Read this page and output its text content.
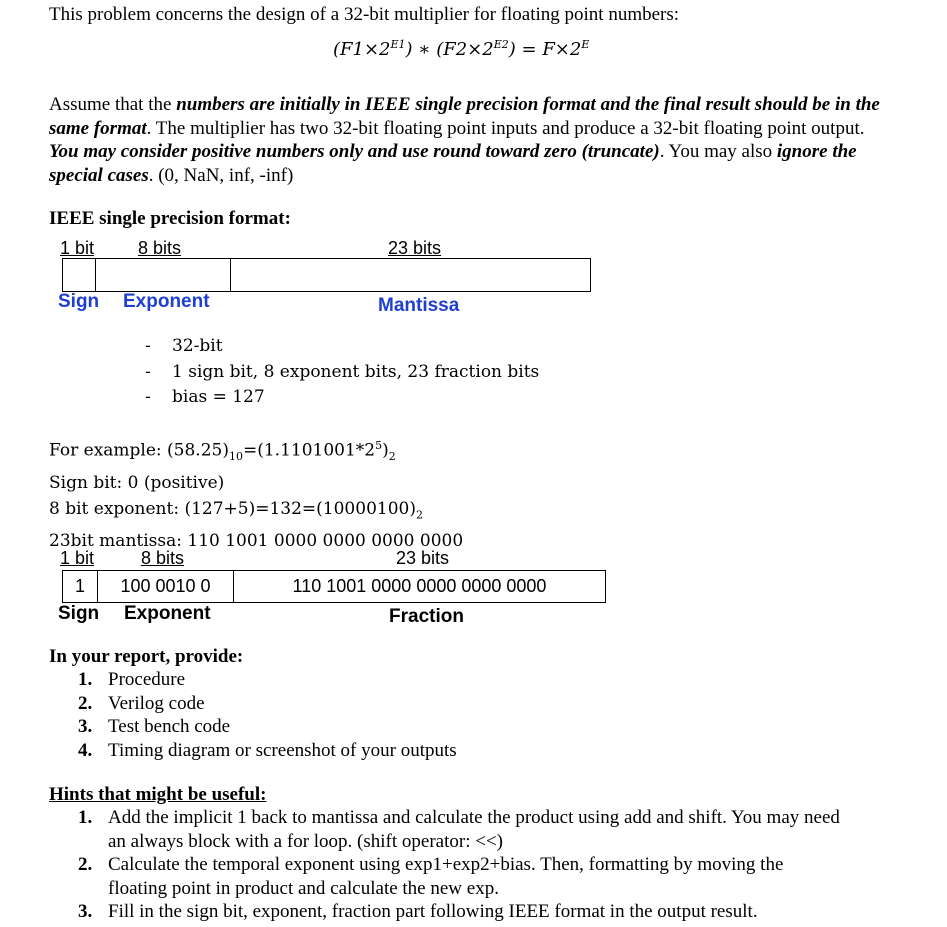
This problem concerns the design of a 32-bit multiplier for floating point numbers:
$(F1\times 2^{E1})$ ∗ $(F2\times 2^{E2}) = F\times 2^E$
Assume that the numbers are initially in IEEE single precision format and the final result should be in the same format. The multiplier has two 32-bit floating point inputs and produce a 32-bit floating point output. You may consider positive numbers only and use round toward zero (truncate). You may also ignore the special cases. (0, NaN, inf, -inf)
IEEE single precision format:
1 bit 8 bits	23 bits
Sign Exponent	Mantissa
- 32-bit
- 1 sign bit, 8 exponent bits, 23 fraction bits
- bias = 127
For example: $(58.25)_{10}=(1.1101001*2^5)_2$
Sign bit: 0 (positive)
8 bit exponent: $(127+5)=132=(10000100)_2$
23bit mantissa: 110 1001 0000 0000 0000 0000
1 bit	8 bits	23 bits
1	100 0010 0	110 1001 0000 0000 0000 0000
Sign Exponent	Fraction
In your report, provide:
1. Procedure
2. Verilog code
3. Test bench code
4. Timing diagram or screenshot of your outputs
Hints that might be useful:
1. Add the implicit 1 back to mantissa and calculate the product using add and shift. You may need
an always block with a for loop. (shift operator: <<)
2. Calculate the temporal exponent using exp1+exp2+bias. Then, formatting by moving the
floating point in product and calculate the new exp.
3. Fill in the sign bit, exponent, fraction part following IEEE format in the output result.
